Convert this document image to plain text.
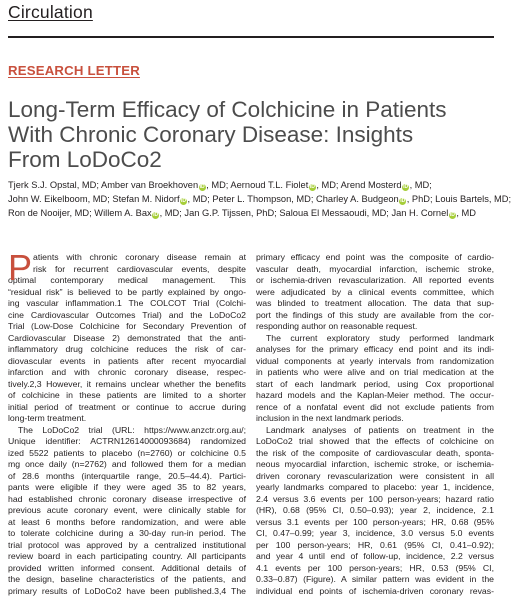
Circulation
RESEARCH LETTER
Long-Term Efficacy of Colchicine in Patients
With Chronic Coronary Disease: Insights
From LoDoCo2
Tjerk S.J. Opstal, MD; Amber van Broekhoven iD , MD; Aernoud T.L. Fiolet iD , MD; Arend Mosterd iD , MD;
John W. Eikelboom, MD; Stefan M. Nidorf iD , MD; Peter L. Thompson, MD; Charley A. Budgeon iD , PhD; Louis Bartels, MD;
Ron de Nooijer, MD; Willem A. Bax iD , MD; Jan G.P. Tijssen, PhD; Saloua El Messaoudi, MD; Jan H. Cornel iD , MD
P atients with chronic coronary disease remain at
risk for recurrent cardiovascular events, despite
optimal contemporary medical management. This
“residual risk” is believed to be partly explained by ongo-
ing vascular inflammation.1 The COLCOT Trial (Colchi-
cine Cardiovascular Outcomes Trial) and the LoDoCo2
Trial (Low-Dose Colchicine for Secondary Prevention of
Cardiovascular Disease 2) demonstrated that the anti-
inflammatory drug colchicine reduces the risk of car-
diovascular events in patients after recent myocardial
infarction and with chronic coronary disease, respec-
tively.2,3 However, it remains unclear whether the benefits
of colchicine in these patients are limited to a shorter
initial period of treatment or continue to accrue during
long-term treatment.
The LoDoCo2 trial (URL: https://www.anzctr.org.au/;
Unique identifier: ACTRN12614000093684) randomized
ized 5522 patients to placebo (n=2760) or colchicine 0.5
mg once daily (n=2762) and followed them for a median
of 28.6 months (interquartile range, 20.5–44.4). Partici-
pants were eligible if they were aged 35 to 82 years,
had established chronic coronary disease irrespective of
previous acute coronary event, were clinically stable for
at least 6 months before randomization, and were able
to tolerate colchicine during a 30-day run-in period. The
trial protocol was approved by a centralized institutional
review board in each participating country. All participants
provided written informed consent. Additional details of
the design, baseline characteristics of the patients, and
primary results of LoDoCo2 have been published.3,4 The
primary efficacy end point was the composite of cardio-
vascular death, myocardial infarction, ischemic stroke,
or ischemia-driven revascularization. All reported events
were adjudicated by a clinical events committee, which
was blinded to treatment allocation. The data that sup-
port the findings of this study are available from the cor-
responding author on reasonable request.
The current exploratory study performed landmark
analyses for the primary efficacy end point and its indi-
vidual components at yearly intervals from randomization
in patients who were alive and on trial medication at the
start of each landmark period, using Cox proportional
hazard models and the Kaplan-Meier method. The occur-
rence of a nonfatal event did not exclude patients from
inclusion in the next landmark periods.
Landmark analyses of patients on treatment in the
LoDoCo2 trial showed that the effects of colchicine on
the risk of the composite of cardiovascular death, sponta-
neous myocardial infarction, ischemic stroke, or ischemia-
driven coronary revascularization were consistent in all
yearly landmarks compared to placebo: year 1, incidence,
2.4 versus 3.6 events per 100 person-years; hazard ratio
(HR), 0.68 (95% CI, 0.50–0.93); year 2, incidence, 2.1
versus 3.1 events per 100 person-years; HR, 0.68 (95%
CI, 0.47–0.99; year 3, incidence, 3.0 versus 5.0 events
per 100 person-years; HR, 0.61 (95% CI, 0.41–0.92);
and year 4 until end of follow-up, incidence, 2.2 versus
4.1 events per 100 person-years; HR, 0.53 (95% CI,
0.33–0.87) (Figure). A similar pattern was evident in the
individual end points of ischemia-driven coronary revas-
